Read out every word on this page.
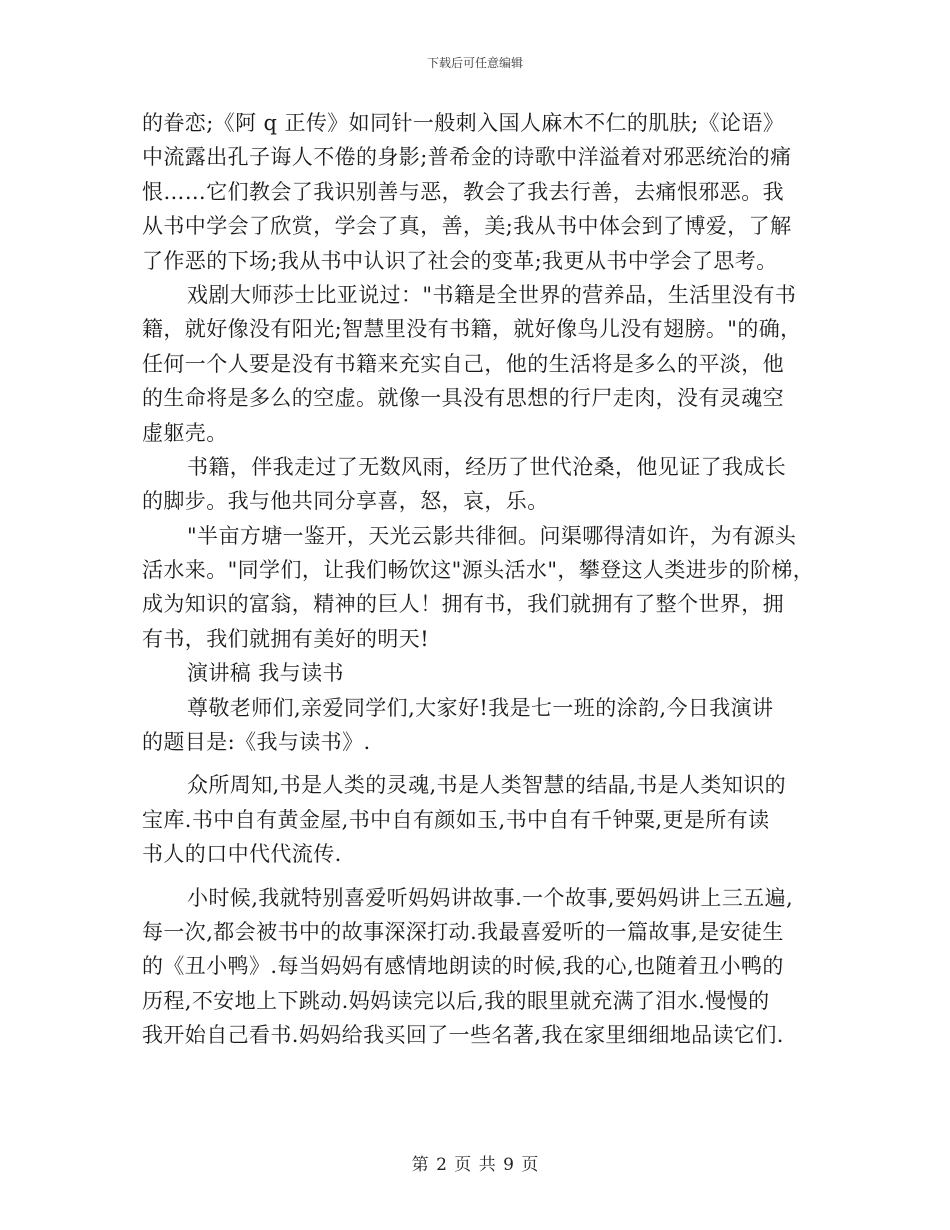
下载后可任意编辑
的眷恋;《阿 q 正传》如同针一般刺入国人麻木不仁的肌肤;《论语》
中流露出孔子诲人不倦的身影;普希金的诗歌中洋溢着对邪恶统治的痛
恨……它们教会了我识别善与恶，教会了我去行善，去痛恨邪恶。我
从书中学会了欣赏，学会了真，善，美;我从书中体会到了博爱，了解
了作恶的下场;我从书中认识了社会的变革;我更从书中学会了思考。
戏剧大师莎士比亚说过："书籍是全世界的营养品，生活里没有书
籍，就好像没有阳光;智慧里没有书籍，就好像鸟儿没有翅膀。"的确，
任何一个人要是没有书籍来充实自己，他的生活将是多么的平淡，他
的生命将是多么的空虚。就像一具没有思想的行尸走肉，没有灵魂空
虚躯壳。
书籍，伴我走过了无数风雨，经历了世代沧桑，他见证了我成长
的脚步。我与他共同分享喜，怒，哀，乐。
"半亩方塘一鉴开，天光云影共徘徊。问渠哪得清如许，为有源头
活水来。"同学们，让我们畅饮这"源头活水"，攀登这人类进步的阶梯，
成为知识的富翁，精神的巨人！拥有书，我们就拥有了整个世界，拥
有书，我们就拥有美好的明天!
演讲稿 我与读书
尊敬老师们,亲爱同学们,大家好!我是七一班的涂韵,今日我演讲
的题目是:《我与读书》.
众所周知,书是人类的灵魂,书是人类智慧的结晶,书是人类知识的
宝库.书中自有黄金屋,书中自有颜如玉,书中自有千钟粟,更是所有读
书人的口中代代流传.
小时候,我就特别喜爱听妈妈讲故事.一个故事,要妈妈讲上三五遍,
每一次,都会被书中的故事深深打动.我最喜爱听的一篇故事,是安徒生
的《丑小鸭》.每当妈妈有感情地朗读的时候,我的心,也随着丑小鸭的
历程,不安地上下跳动.妈妈读完以后,我的眼里就充满了泪水.慢慢的
我开始自己看书.妈妈给我买回了一些名著,我在家里细细地品读它们.
第 2 页 共 9 页
